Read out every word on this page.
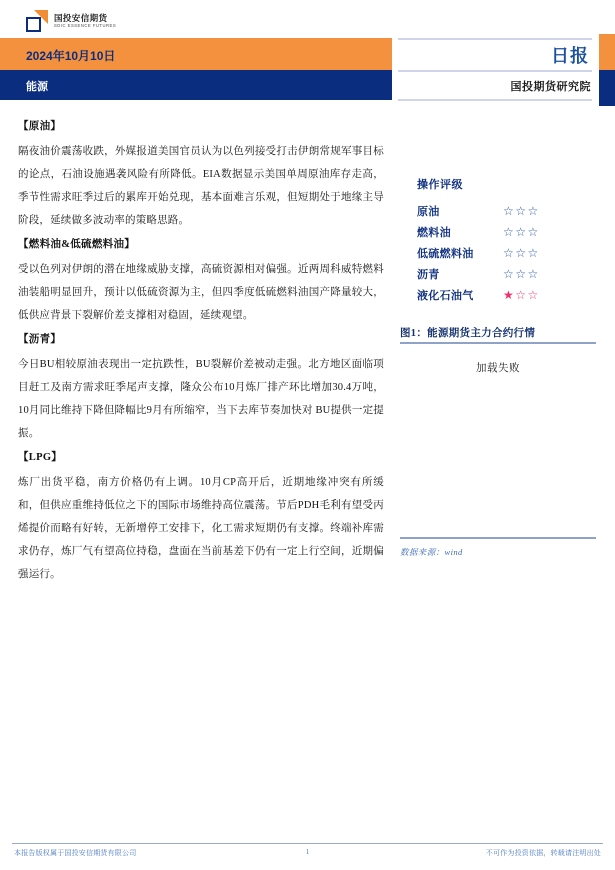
国投安信期货
SDIC ESSENCE FUTURES
2024年10月10日
能源
日报
国投期货研究院
【原油】

隔夜油价震荡收跌，外媒报道美国官员认为以色列接受打击伊朗常规军事目标的论点，石油设施遇袭风险有所降低。EIA数据显示美国单周原油库存走高，季节性需求旺季过后的累库开始兑现，基本面难言乐观，但短期处于地缘主导阶段，延续做多波动率的策略思路。

【燃料油&低硫燃料油】

受以色列对伊朗的潜在地缘威胁支撑，高硫资源相对偏强。近两周科威特燃料油装船明显回升，预计以低硫资源为主，但四季度低硫燃料油国产降量较大，低供应背景下裂解价差支撑相对稳固，延续观望。

【沥青】

今日BU相较原油表现出一定抗跌性，BU裂解价差被动走强。北方地区面临项目赶工及南方需求旺季尾声支撑，隆众公布10月炼厂排产环比增加30.4万吨，10月同比维持下降但降幅比9月有所缩窄，当下去库节奏加快对 BU提供一定提振。

【LPG】

炼厂出货平稳，南方价格仍有上调。10月CP高开后，近期地缘冲突有所缓和，但供应重维持低位之下的国际市场维持高位震荡。节后PDH毛利有望受丙烯提价而略有好转，无新增停工安排下，化工需求短期仍有支撑。终端补库需求仍存，炼厂气有望高位持稳，盘面在当前基差下仍有一定上行空间，近期偏强运行。

操作评级
原油	☆☆☆
燃料油	☆☆☆
低硫燃料油	☆☆☆
沥青	☆☆☆
液化石油气	★☆☆
图1：能源期货主力合约行情
加载失败
数据来源：wind
本报告版权属于国投安信期货有限公司	1	不可作为投资依据，转载请注明出处
